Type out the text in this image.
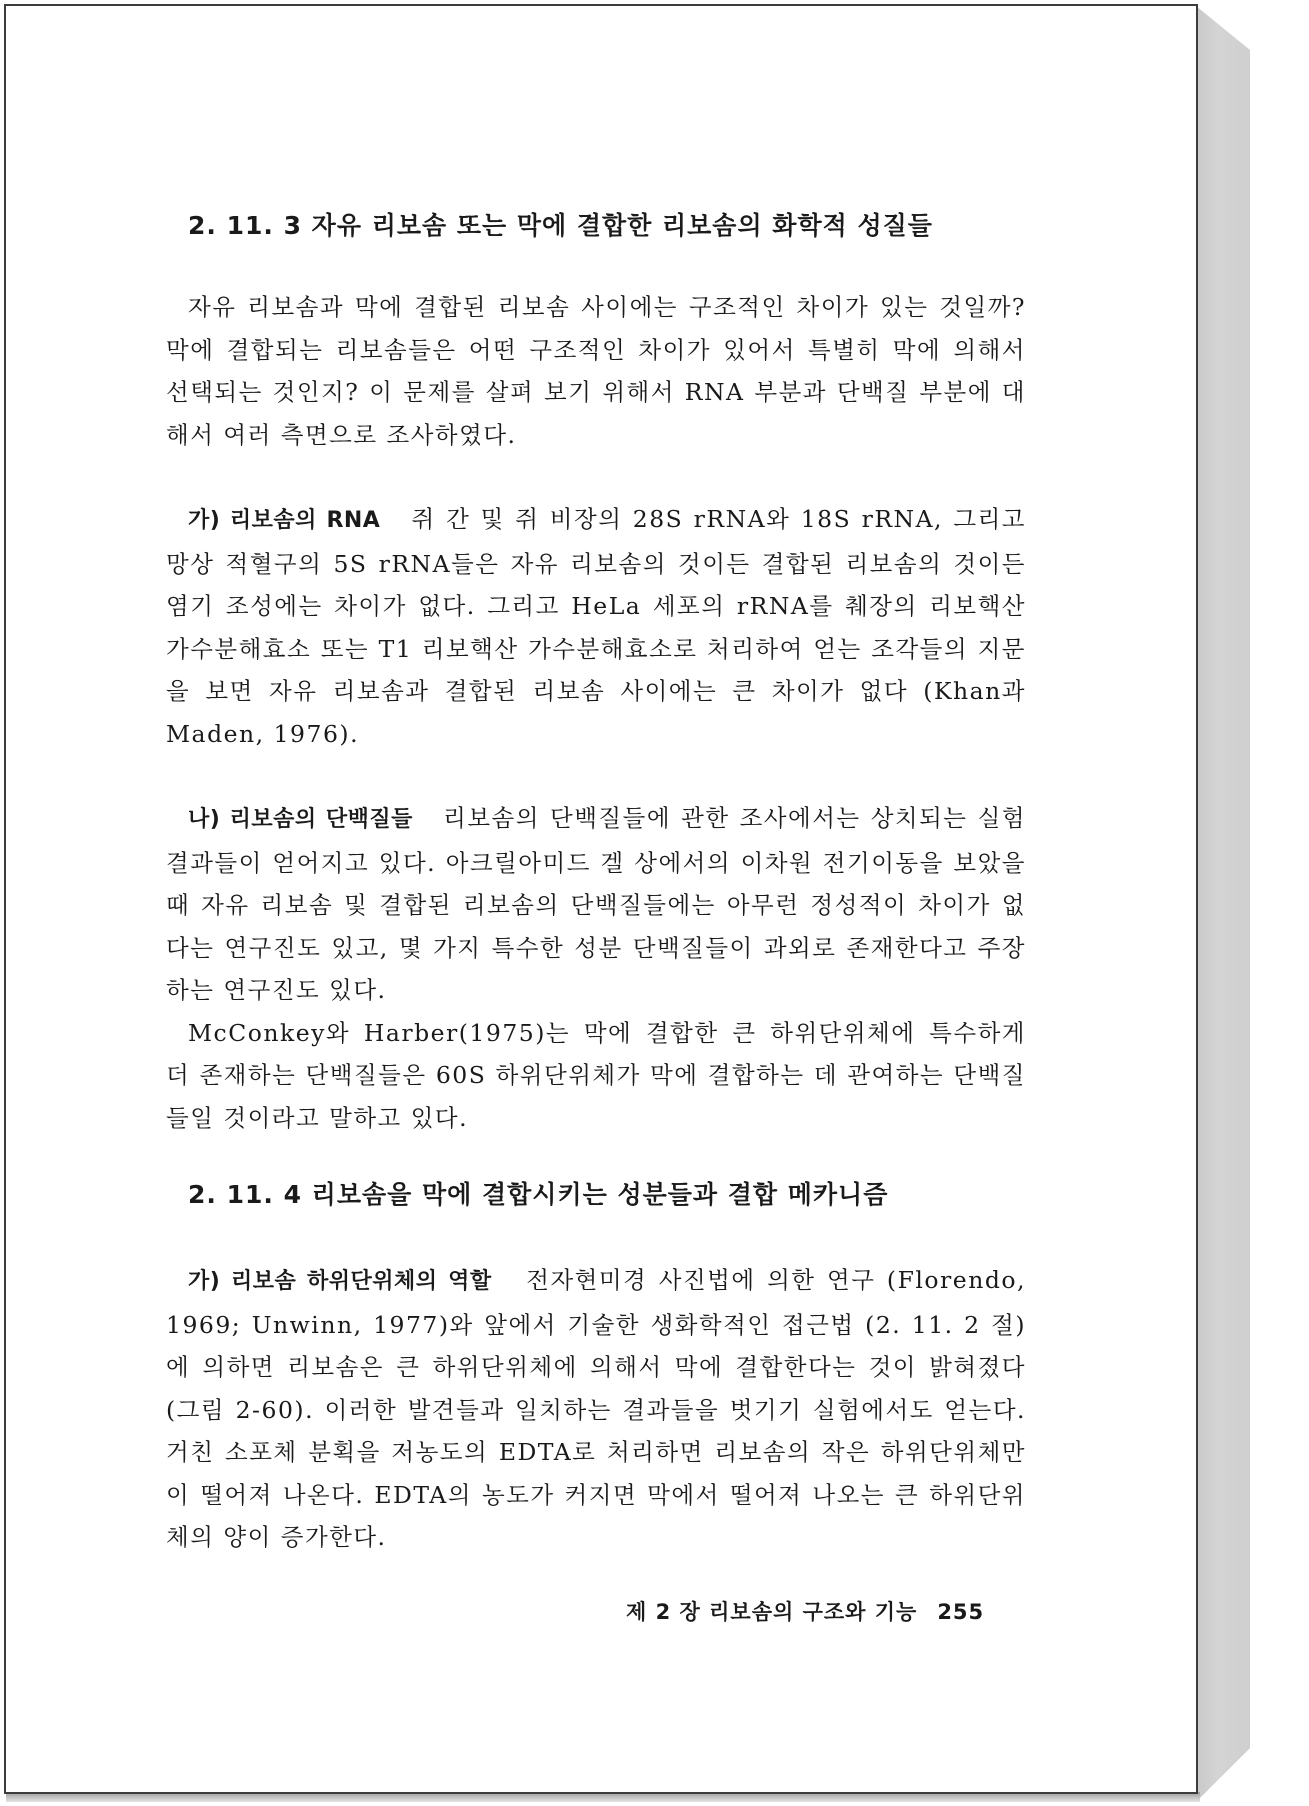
2. 11. 3 자유 리보솜 또는 막에 결합한 리보솜의 화학적 성질들

자유 리보솜과 막에 결합된 리보솜 사이에는 구조적인 차이가 있는 것일까? 막에 결합되는 리보솜들은 어떤 구조적인 차이가 있어서 특별히 막에 의해서 선택되는 것인지? 이 문제를 살펴 보기 위해서 RNA 부분과 단백질 부분에 대해서 여러 측면으로 조사하였다.

가) 리보솜의 RNA 쥐 간 및 쥐 비장의 28S rRNA와 18S rRNA, 그리고 망상 적혈구의 5S rRNA들은 자유 리보솜의 것이든 결합된 리보솜의 것이든 염기 조성에는 차이가 없다. 그리고 HeLa 세포의 rRNA를 췌장의 리보핵산 가수분해효소 또는 T1 리보핵산 가수분해효소로 처리하여 얻는 조각들의 지문을 보면 자유 리보솜과 결합된 리보솜 사이에는 큰 차이가 없다 (Khan과 Maden, 1976).

나) 리보솜의 단백질들 리보솜의 단백질들에 관한 조사에서는 상치되는 실험결과들이 얻어지고 있다. 아크릴아미드 겔 상에서의 이차원 전기이동을 보았을 때 자유 리보솜 및 결합된 리보솜의 단백질들에는 아무런 정성적이 차이가 없다는 연구진도 있고, 몇 가지 특수한 성분 단백질들이 과외로 존재한다고 주장하는 연구진도 있다.

McConkey와 Harber(1975)는 막에 결합한 큰 하위단위체에 특수하게 더 존재하는 단백질들은 60S 하위단위체가 막에 결합하는 데 관여하는 단백질들일 것이라고 말하고 있다.

2. 11. 4 리보솜을 막에 결합시키는 성분들과 결합 메카니즘

가) 리보솜 하위단위체의 역할 전자현미경 사진법에 의한 연구 (Florendo, 1969; Unwinn, 1977)와 앞에서 기술한 생화학적인 접근법 (2. 11. 2 절)에 의하면 리보솜은 큰 하위단위체에 의해서 막에 결합한다는 것이 밝혀졌다 (그림 2-60). 이러한 발견들과 일치하는 결과들을 벗기기 실험에서도 얻는다. 거친 소포체 분획을 저농도의 EDTA로 처리하면 리보솜의 작은 하위단위체만이 떨어져 나온다. EDTA의 농도가 커지면 막에서 떨어져 나오는 큰 하위단위체의 양이 증가한다.

제 2 장 리보솜의 구조와 기능 255
